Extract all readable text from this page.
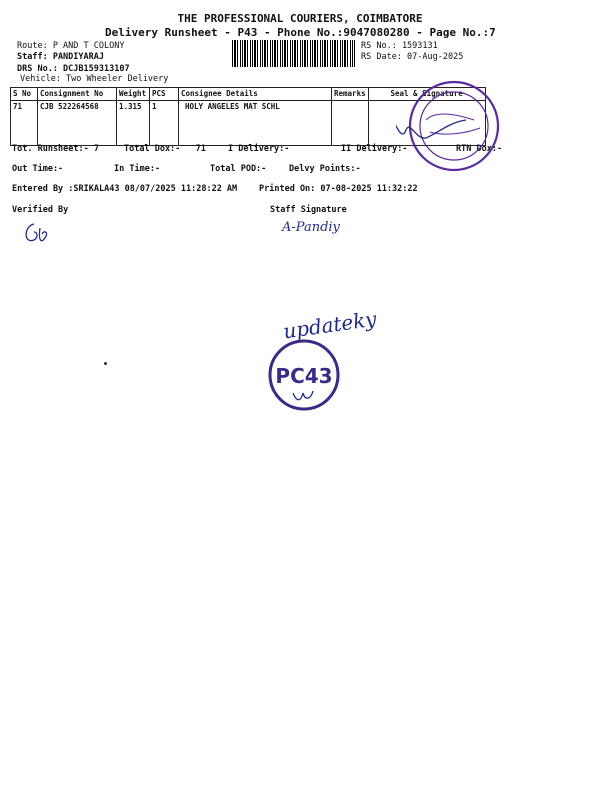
THE PROFESSIONAL COURIERS, COIMBATORE
Delivery Runsheet - P43 - Phone No.:9047080280 - Page No.:7
Route: P AND T COLONY
Staff: PANDIYARAJ
DRS No.: DCJB159313107
Vehicle: Two Wheeler Delivery
RS No.: 1593131
RS Date: 07-Aug-2025
S No	Consignment No	Weight	PCS	Consignee Details	Remarks	Seal & Signature
71	CJB 522264568	1.315	1	HOLY ANGELES MAT SCHL		
Tot. Runsheet:- 7	Total Dox:-   71	I Delivery:-	II Delivery:-	RTN Dox:-
Out Time:-	In Time:-	Total POD:-	Delvy Points:-
Entered By :SRIKALA43 08/07/2025 11:28:22 AM	Printed On: 07-08-2025 11:32:22
Verified By	Staff Signature
A-Pandiy
updateky
PC43
